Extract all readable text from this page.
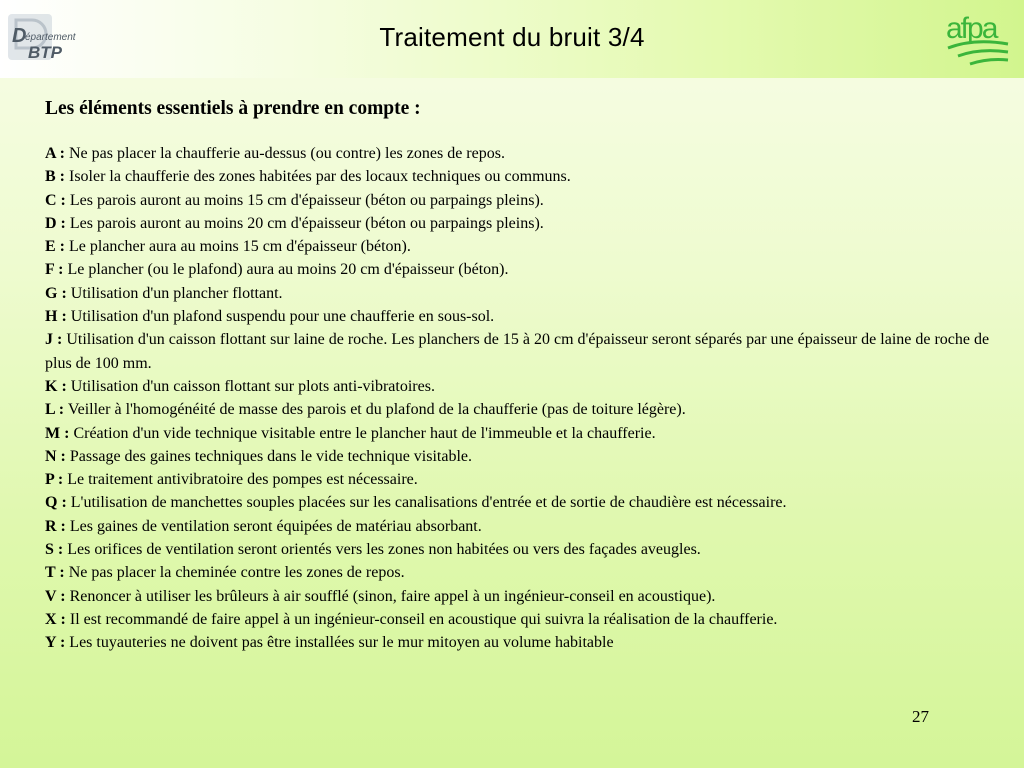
D
épartement
BTP
afpa
Traitement du bruit 3/4
Les éléments essentiels à prendre en compte :

A : Ne pas placer la chaufferie au-dessus (ou contre) les zones de repos.

B : Isoler la chaufferie des zones habitées par des locaux techniques ou communs.

C : Les parois auront au moins 15 cm d'épaisseur (béton ou parpaings pleins).

D : Les parois auront au moins 20 cm d'épaisseur (béton ou parpaings pleins).

E : Le plancher aura au moins 15 cm d'épaisseur (béton).

F : Le plancher (ou le plafond) aura au moins 20 cm d'épaisseur (béton).

G : Utilisation d'un plancher flottant.

H : Utilisation d'un plafond suspendu pour une chaufferie en sous-sol.

J : Utilisation d'un caisson flottant sur laine de roche. Les planchers de 15 à 20 cm d'épaisseur seront séparés par une épaisseur de laine de roche de plus de 100 mm.

K : Utilisation d'un caisson flottant sur plots anti-vibratoires.

L : Veiller à l'homogénéité de masse des parois et du plafond de la chaufferie (pas de toiture légère).

M : Création d'un vide technique visitable entre le plancher haut de l'immeuble et la chaufferie.

N : Passage des gaines techniques dans le vide technique visitable.

P : Le traitement antivibratoire des pompes est nécessaire.

Q : L'utilisation de manchettes souples placées sur les canalisations d'entrée et de sortie de chaudière est nécessaire.

R : Les gaines de ventilation seront équipées de matériau absorbant.

S : Les orifices de ventilation seront orientés vers les zones non habitées ou vers des façades aveugles.

T : Ne pas placer la cheminée contre les zones de repos.

V : Renoncer à utiliser les brûleurs à air soufflé (sinon, faire appel à un ingénieur-conseil en acoustique).

X : Il est recommandé de faire appel à un ingénieur-conseil en acoustique qui suivra la réalisation de la chaufferie.

Y : Les tuyauteries ne doivent pas être installées sur le mur mitoyen au volume habitable

27
